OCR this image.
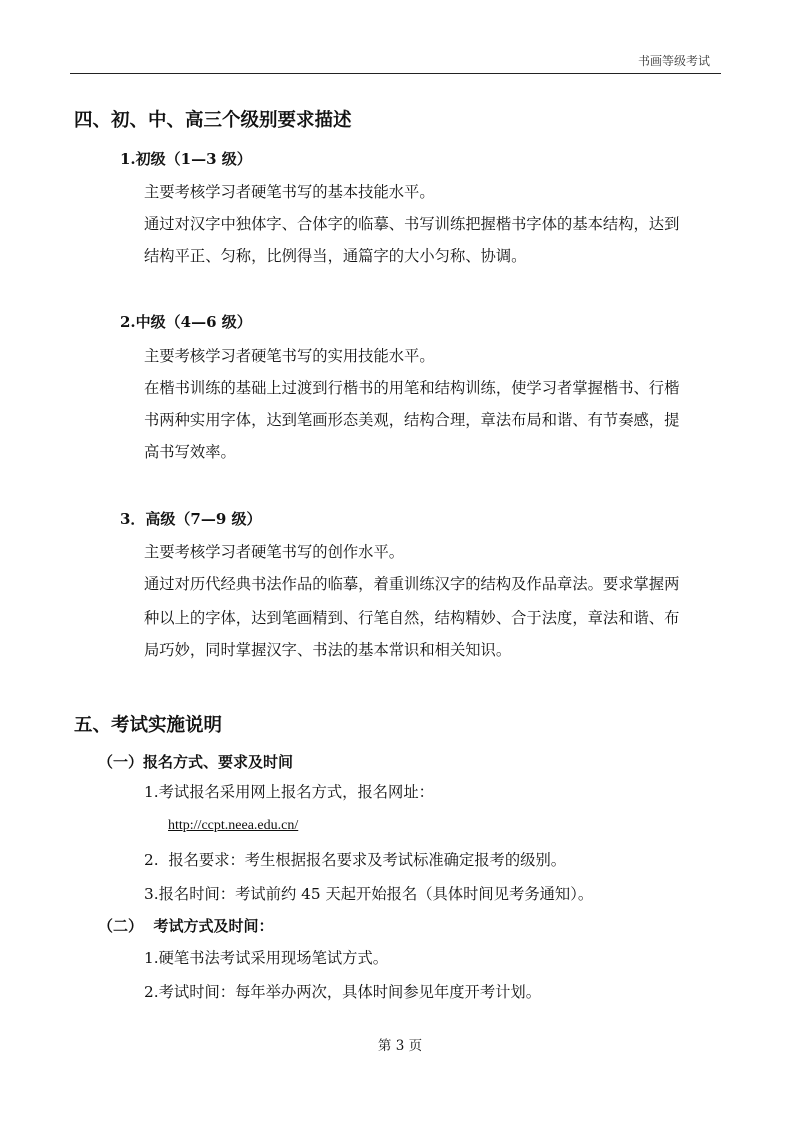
书画等级考试
四、初、中、高三个级别要求描述
1.初级（1—3 级）
主要考核学习者硬笔书写的基本技能水平。
通过对汉字中独体字、合体字的临摹、书写训练把握楷书字体的基本结构，达到
结构平正、匀称，比例得当，通篇字的大小匀称、协调。
2.中级（4—6 级）
主要考核学习者硬笔书写的实用技能水平。
在楷书训练的基础上过渡到行楷书的用笔和结构训练，使学习者掌握楷书、行楷
书两种实用字体，达到笔画形态美观，结构合理，章法布局和谐、有节奏感，提
高书写效率。
3．高级（7—9 级）
主要考核学习者硬笔书写的创作水平。
通过对历代经典书法作品的临摹，着重训练汉字的结构及作品章法。要求掌握两
种以上的字体，达到笔画精到、行笔自然，结构精妙、合于法度，章法和谐、布
局巧妙，同时掌握汉字、书法的基本常识和相关知识。
五、考试实施说明
（一）报名方式、要求及时间
1.考试报名采用网上报名方式，报名网址：
http://ccpt.neea.edu.cn/
2.  报名要求：考生根据报名要求及考试标准确定报考的级别。
3.报名时间：考试前约 45 天起开始报名（具体时间见考务通知）。
（二）  考试方式及时间：
1.硬笔书法考试采用现场笔试方式。
2.考试时间：每年举办两次，具体时间参见年度开考计划。
第 3 页
